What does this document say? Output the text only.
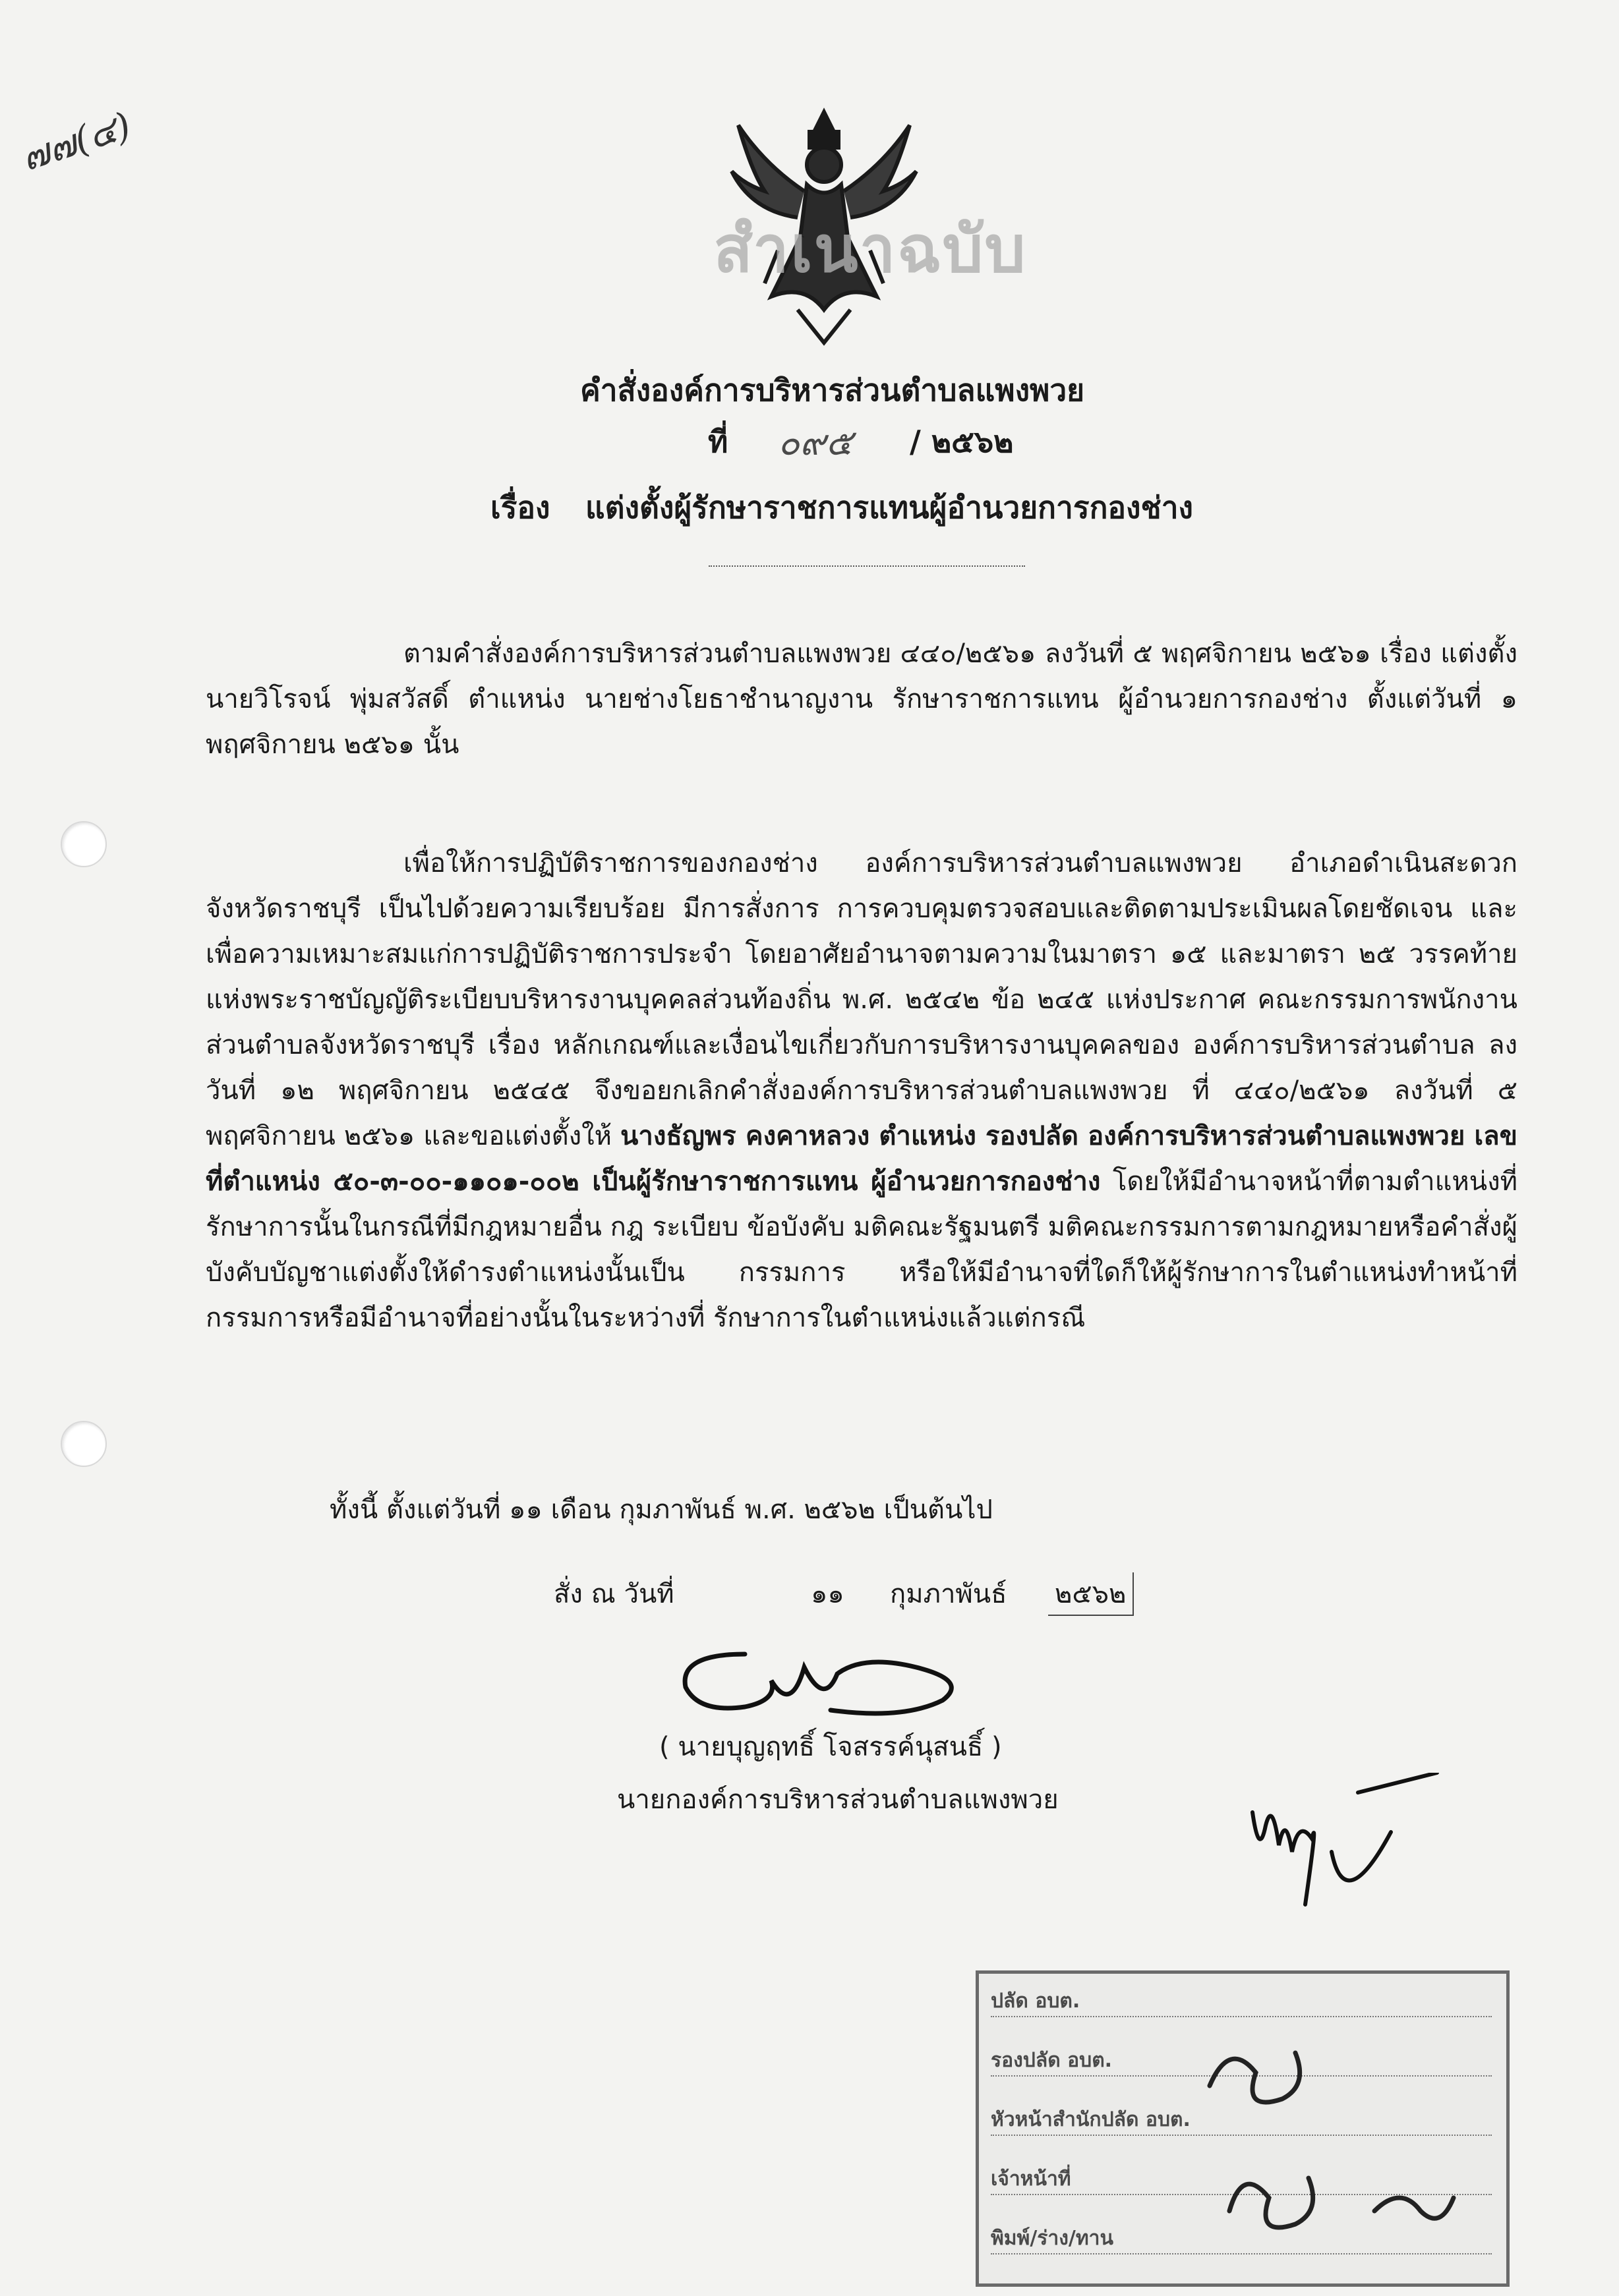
๗๗(๔)
สำเนาฉบับ
คำสั่งองค์การบริหารส่วนตำบลแพงพวย
ที่ ๐๙๕ / ๒๕๖๒
เรื่อง แต่งตั้งผู้รักษาราชการแทนผู้อำนวยการกองช่าง
ตามคำสั่งองค์การบริหารส่วนตำบลแพงพวย ๔๔๐/๒๕๖๑ ลงวันที่ ๕ พฤศจิกายน ๒๕๖๑ เรื่อง แต่งตั้ง นายวิโรจน์ พุ่มสวัสดิ์ ตำแหน่ง นายช่างโยธาชำนาญงาน รักษาราชการแทน ผู้อำนวยการกองช่าง ตั้งแต่วันที่ ๑ พฤศจิกายน ๒๕๖๑ นั้น
เพื่อให้การปฏิบัติราชการของกองช่าง องค์การบริหารส่วนตำบลแพงพวย อำเภอดำเนินสะดวก จังหวัดราชบุรี เป็นไปด้วยความเรียบร้อย มีการสั่งการ การควบคุมตรวจสอบและติดตามประเมินผลโดยชัดเจน และเพื่อความเหมาะสมแก่การปฏิบัติราชการประจำ โดยอาศัยอำนาจตามความในมาตรา ๑๕ และมาตรา ๒๕ วรรคท้าย แห่งพระราชบัญญัติระเบียบบริหารงานบุคคลส่วนท้องถิ่น พ.ศ. ๒๕๔๒ ข้อ ๒๔๕ แห่งประกาศ คณะกรรมการพนักงานส่วนตำบลจังหวัดราชบุรี เรื่อง หลักเกณฑ์และเงื่อนไขเกี่ยวกับการบริหารงานบุคคลของ องค์การบริหารส่วนตำบล ลงวันที่ ๑๒ พฤศจิกายน ๒๕๔๕ จึงขอยกเลิกคำสั่งองค์การบริหารส่วนตำบลแพงพวย ที่ ๔๔๐/๒๕๖๑ ลงวันที่ ๕ พฤศจิกายน ๒๕๖๑ และขอแต่งตั้งให้ นางธัญพร คงคาหลวง ตำแหน่ง รองปลัด องค์การบริหารส่วนตำบลแพงพวย เลขที่ตำแหน่ง ๕๐-๓-๐๐-๑๑๐๑-๐๐๒ เป็นผู้รักษาราชการแทน ผู้อำนวยการกองช่าง โดยให้มีอำนาจหน้าที่ตามตำแหน่งที่รักษาการนั้นในกรณีที่มีกฎหมายอื่น กฎ ระเบียบ ข้อบังคับ มติคณะรัฐมนตรี มติคณะกรรมการตามกฎหมายหรือคำสั่งผู้บังคับบัญชาแต่งตั้งให้ดำรงตำแหน่งนั้นเป็น กรรมการ หรือให้มีอำนาจที่ใดก็ให้ผู้รักษาการในตำแหน่งทำหน้าที่กรรมการหรือมีอำนาจที่อย่างนั้นในระหว่างที่ รักษาการในตำแหน่งแล้วแต่กรณี
ทั้งนี้ ตั้งแต่วันที่ ๑๑ เดือน กุมภาพันธ์ พ.ศ. ๒๕๖๒ เป็นต้นไป
สั่ง ณ วันที่	๑๑ กุมภาพันธ์ ๒๕๖๒
( นายบุญฤทธิ์ โจสรรค์นุสนธิ์ )
นายกองค์การบริหารส่วนตำบลแพงพวย
ปลัด อบต.
รองปลัด อบต.
หัวหน้าสำนักปลัด อบต.
เจ้าหน้าที่
พิมพ์/ร่าง/ทาน
